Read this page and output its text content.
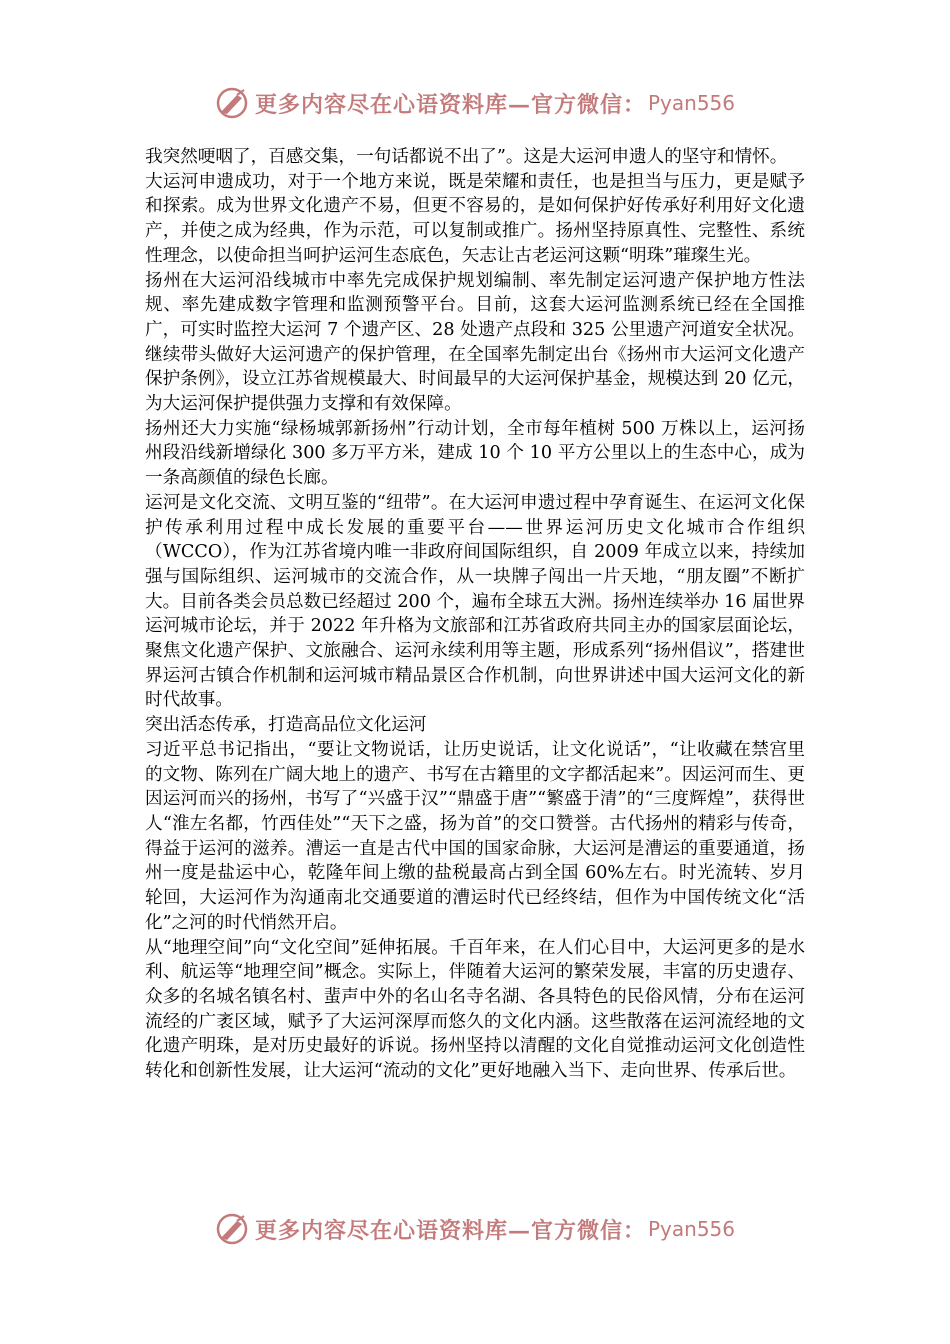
更多内容尽在心语资料库—官方微信： Pyan556

我突然哽咽了，百感交集，一句话都说不出了”。这是大运河申遗人的坚守和情怀。

大运河申遗成功，对于一个地方来说，既是荣耀和责任，也是担当与压力，更是赋予和探索。成为世界文化遗产不易，但更不容易的，是如何保护好传承好利用好文化遗产，并使之成为经典，作为示范，可以复制或推广。扬州坚持原真性、完整性、系统性理念，以使命担当呵护运河生态底色，矢志让古老运河这颗“明珠”璀璨生光。

扬州在大运河沿线城市中率先完成保护规划编制、率先制定运河遗产保护地方性法规、率先建成数字管理和监测预警平台。目前，这套大运河监测系统已经在全国推广，可实时监控大运河 7 个遗产区、28 处遗产点段和 325 公里遗产河道安全状况。继续带头做好大运河遗产的保护管理，在全国率先制定出台《扬州市大运河文化遗产保护条例》，设立江苏省规模最大、时间最早的大运河保护基金，规模达到 20 亿元，为大运河保护提供强力支撑和有效保障。

扬州还大力实施“绿杨城郭新扬州”行动计划，全市每年植树 500 万株以上，运河扬州段沿线新增绿化 300 多万平方米，建成 10 个 10 平方公里以上的生态中心，成为一条高颜值的绿色长廊。

运河是文化交流、文明互鉴的“纽带”。在大运河申遗过程中孕育诞生、在运河文化保护传承利用过程中成长发展的重要平台——世界运河历史文化城市合作组织（WCCO），作为江苏省境内唯一非政府间国际组织，自 2009 年成立以来，持续加强与国际组织、运河城市的交流合作，从一块牌子闯出一片天地，“朋友圈”不断扩大。目前各类会员总数已经超过 200 个，遍布全球五大洲。扬州连续举办 16 届世界运河城市论坛，并于 2022 年升格为文旅部和江苏省政府共同主办的国家层面论坛，聚焦文化遗产保护、文旅融合、运河永续利用等主题，形成系列“扬州倡议”，搭建世界运河古镇合作机制和运河城市精品景区合作机制，向世界讲述中国大运河文化的新时代故事。

突出活态传承，打造高品位文化运河

习近平总书记指出，“要让文物说话，让历史说话，让文化说话”，“让收藏在禁宫里的文物、陈列在广阔大地上的遗产、书写在古籍里的文字都活起来”。因运河而生、更因运河而兴的扬州，书写了“兴盛于汉”“鼎盛于唐”“繁盛于清”的“三度辉煌”，获得世人“淮左名都，竹西佳处”“天下之盛，扬为首”的交口赞誉。古代扬州的精彩与传奇，得益于运河的滋养。漕运一直是古代中国的国家命脉，大运河是漕运的重要通道，扬州一度是盐运中心，乾隆年间上缴的盐税最高占到全国 60%左右。时光流转、岁月轮回，大运河作为沟通南北交通要道的漕运时代已经终结，但作为中国传统文化“活化”之河的时代悄然开启。

从“地理空间”向“文化空间”延伸拓展。千百年来，在人们心目中，大运河更多的是水利、航运等“地理空间”概念。实际上，伴随着大运河的繁荣发展，丰富的历史遗存、众多的名城名镇名村、蜚声中外的名山名寺名湖、各具特色的民俗风情，分布在运河流经的广袤区域，赋予了大运河深厚而悠久的文化内涵。这些散落在运河流经地的文化遗产明珠，是对历史最好的诉说。扬州坚持以清醒的文化自觉推动运河文化创造性转化和创新性发展，让大运河“流动的文化”更好地融入当下、走向世界、传承后世。

更多内容尽在心语资料库—官方微信： Pyan556
